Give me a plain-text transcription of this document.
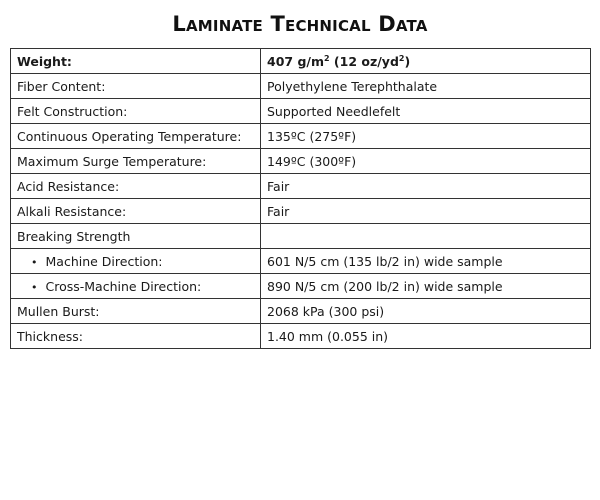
Laminate Technical Data
Weight:	407 $g/m^2$ (12 $oz/yd^2$)
Fiber Content:	Polyethylene Terephthalate
Felt Construction:	Supported Needlefelt
Continuous Operating Temperature:	135ºC (275ºF)
Maximum Surge Temperature:	149ºC (300ºF)
Acid Resistance:	Fair
Alkali Resistance:	Fair
Breaking Strength	
• Machine Direction:	601 N/5 cm (135 lb/2 in) wide sample
• Cross-Machine Direction:	890 N/5 cm (200 lb/2 in) wide sample
Mullen Burst:	2068 kPa (300 psi)
Thickness:	1.40 mm (0.055 in)
